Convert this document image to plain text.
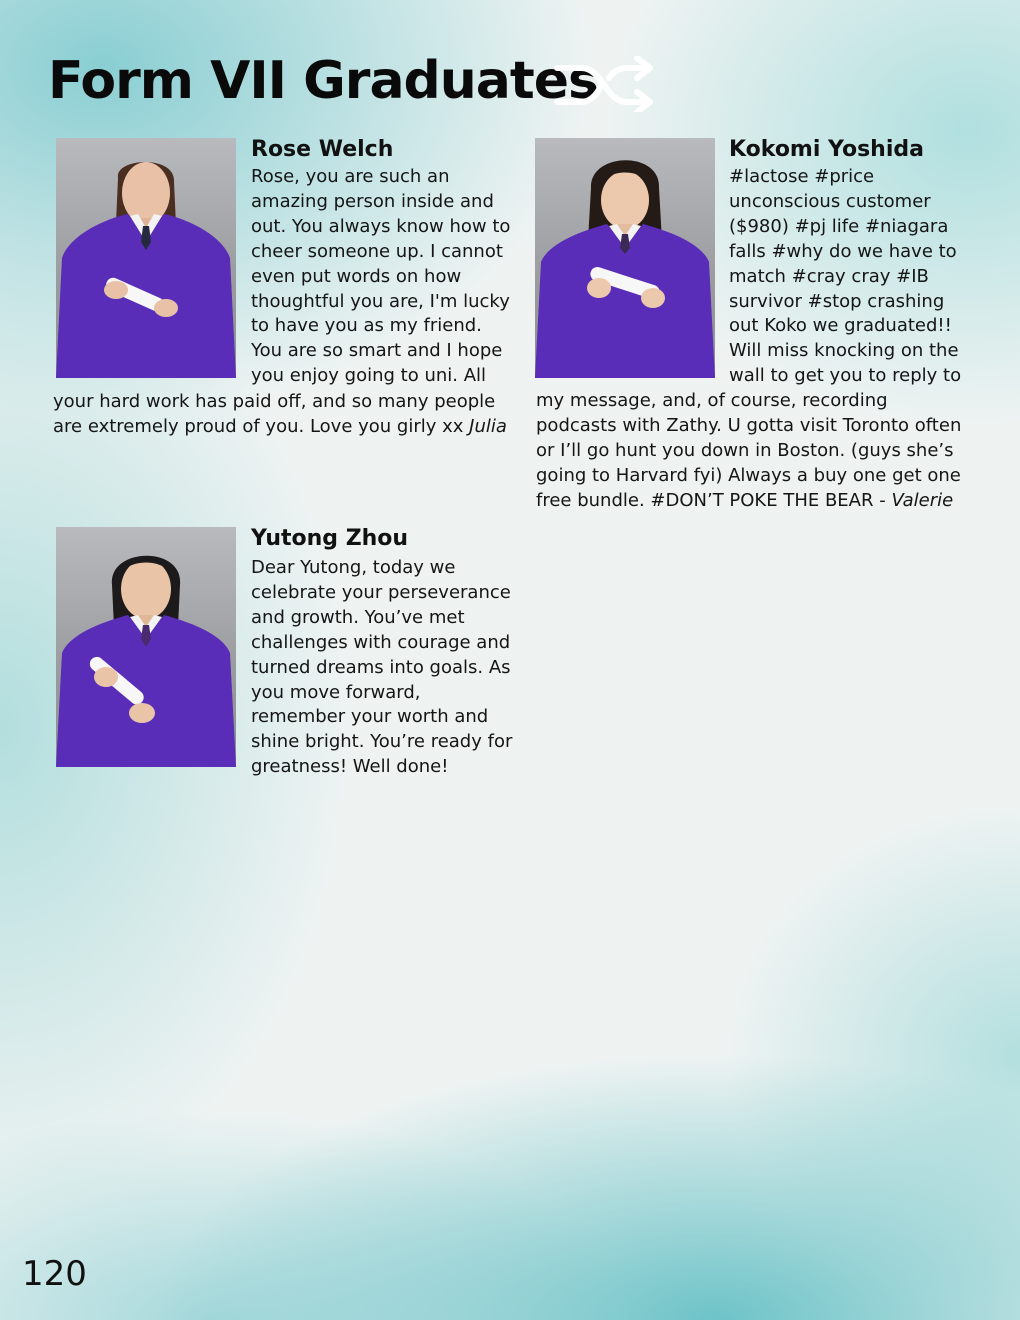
Form VII Graduates

Rose Welch

Rose, you are such an
amazing person inside and
out. You always know how to
cheer someone up. I cannot
even put words on how
thoughtful you are, I'm lucky
to have you as my friend.
You are so smart and I hope
you enjoy going to uni. All

your hard work has paid off, and so many people
are extremely proud of you. Love you girly xx Julia

Kokomi Yoshida

#lactose #price
unconscious customer
($980) #pj life #niagara
falls #why do we have to
match #cray cray #IB
survivor #stop crashing
out Koko we graduated!!
Will miss knocking on the
wall to get you to reply to

my message, and, of course, recording
podcasts with Zathy. U gotta visit Toronto often
or I’ll go hunt you down in Boston. (guys she’s
going to Harvard fyi) Always a buy one get one
free bundle. #DON’T POKE THE BEAR - Valerie

Yutong Zhou

Dear Yutong, today we
celebrate your perseverance
and growth. You’ve met
challenges with courage and
turned dreams into goals. As
you move forward,
remember your worth and
shine bright. You’re ready for
greatness! Well done!

120
